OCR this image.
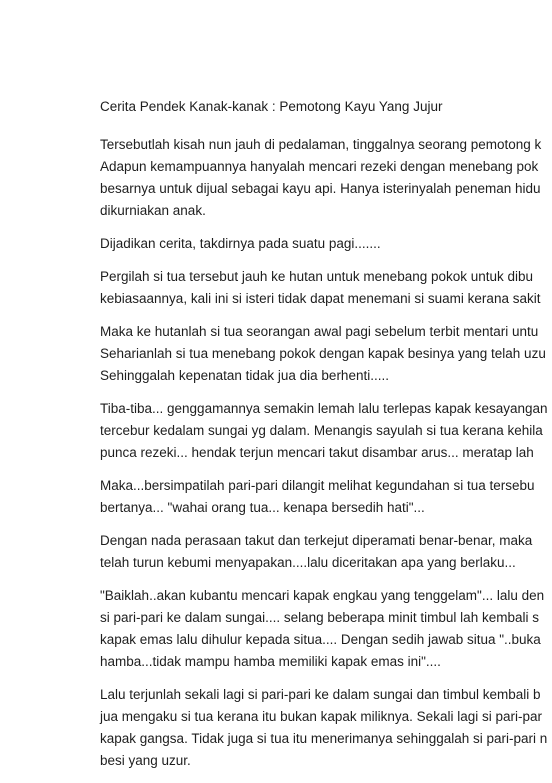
Cerita Pendek Kanak-kanak : Pemotong Kayu Yang Jujur
Tersebutlah kisah nun jauh di pedalaman, tinggalnya seorang pemotong k
Adapun kemampuannya hanyalah mencari rezeki dengan menebang pok
besarnya untuk dijual sebagai kayu api. Hanya isterinyalah peneman hidu
dikurniakan anak.
Dijadikan cerita, takdirnya pada suatu pagi.......
Pergilah si tua tersebut jauh ke hutan untuk menebang pokok untuk dibu
kebiasaannya, kali ini si isteri tidak dapat menemani si suami kerana sakit
Maka ke hutanlah si tua seorangan awal pagi sebelum terbit mentari untu
Seharianlah si tua menebang pokok dengan kapak besinya yang telah uzu
Sehinggalah kepenatan tidak jua dia berhenti.....
Tiba-tiba... genggamannya semakin lemah lalu terlepas kapak kesayangan
tercebur kedalam sungai yg dalam. Menangis sayulah si tua kerana kehila
punca rezeki... hendak terjun mencari takut disambar arus... meratap lah
Maka...bersimpatilah pari-pari dilangit melihat kegundahan si tua tersebu
bertanya... "wahai orang tua... kenapa bersedih hati"...
Dengan nada perasaan takut dan terkejut diperamati benar-benar, maka
telah turun kebumi menyapakan....lalu diceritakan apa yang berlaku...
"Baiklah..akan kubantu mencari kapak engkau yang tenggelam"... lalu den
si pari-pari ke dalam sungai.... selang beberapa minit timbul lah kembali s
kapak emas lalu dihulur kepada situa.... Dengan sedih jawab situa "..buka
hamba...tidak mampu hamba memiliki kapak emas ini"....
Lalu terjunlah sekali lagi si pari-pari ke dalam sungai dan timbul kembali b
jua mengaku si tua kerana itu bukan kapak miliknya. Sekali lagi si pari-par
kapak gangsa. Tidak juga si tua itu menerimanya sehinggalah si pari-pari n
besi yang uzur.
